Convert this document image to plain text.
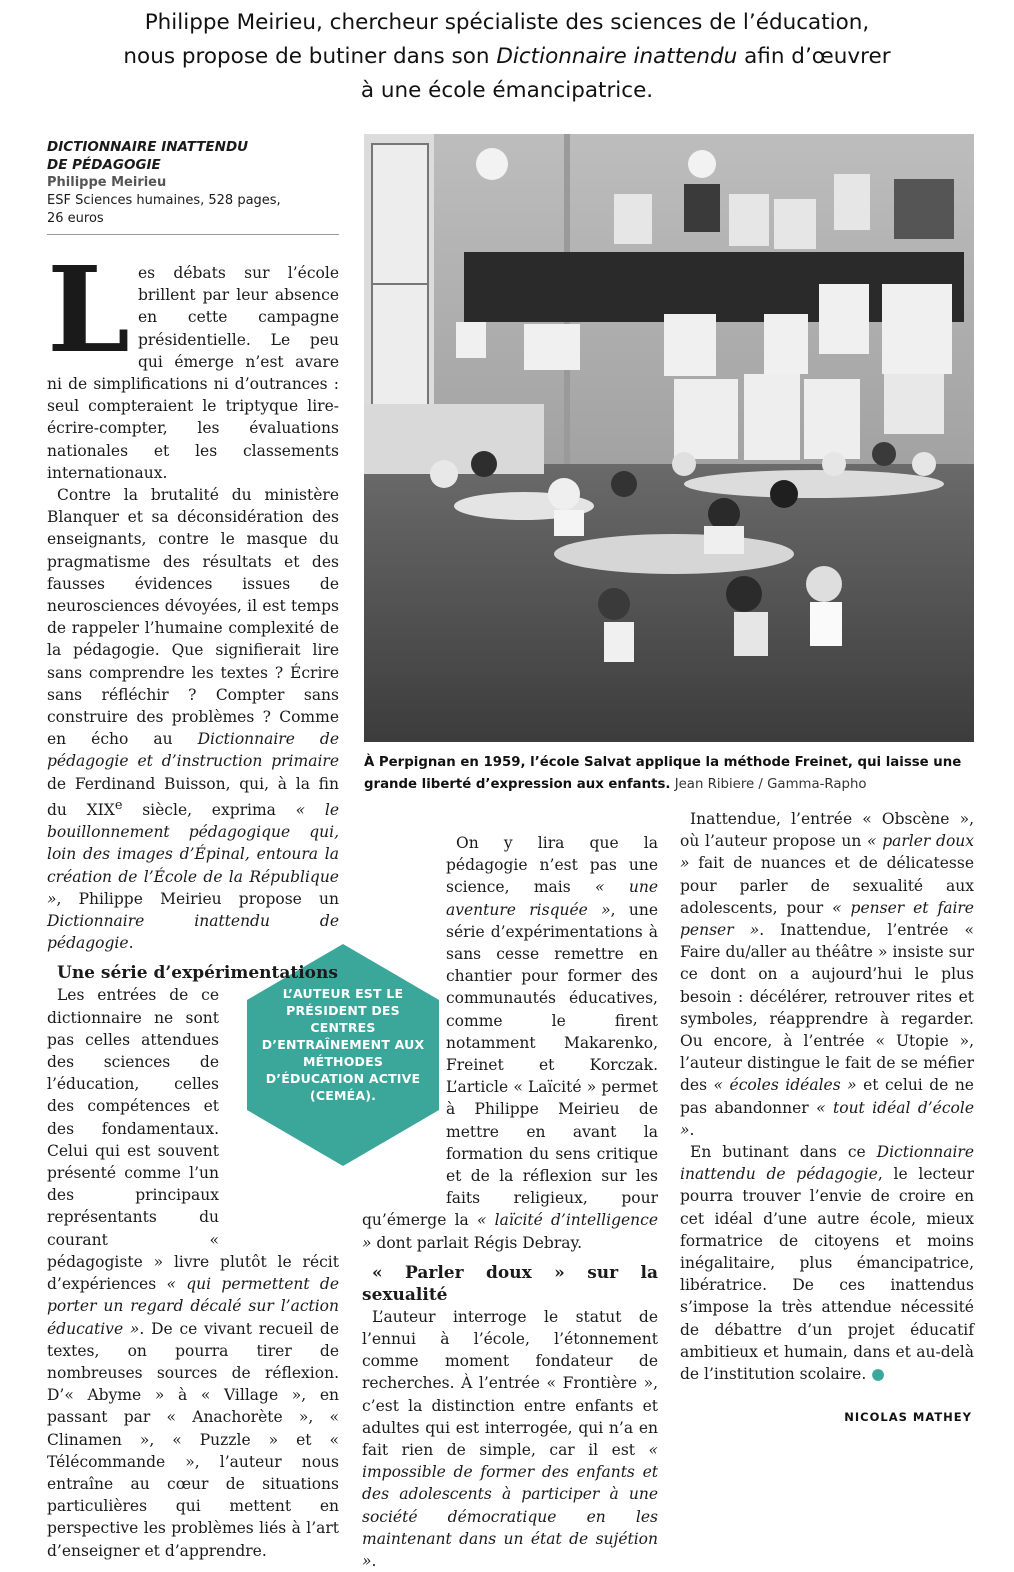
Philippe Meirieu, chercheur spécialiste des sciences de l’éducation,
nous propose de butiner dans son Dictionnaire inattendu afin d’œuvrer
à une école émancipatrice.
DICTIONNAIRE INATTENDU
DE PÉDAGOGIE
Philippe Meirieu
ESF Sciences humaines, 528 pages,
26 euros
À Perpignan en 1959, l’école Salvat applique la méthode Freinet, qui laisse une grande liberté d’expression aux enfants. Jean Ribiere / Gamma-Rapho
L’AUTEUR EST LE PRÉSIDENT DES CENTRES D’ENTRAÎNEMENT AUX MÉTHODES D’ÉDUCATION ACTIVE (CEMÉA).

Les débats sur l’école brillent par leur absence en cette campagne présidentielle. Le peu qui émerge n’est avare ni de simplifications ni d’outrances : seul compteraient le triptyque lire-écrire-compter, les évaluations nationales et les classements internationaux.

Contre la brutalité du ministère Blanquer et sa déconsidération des enseignants, contre le masque du pragmatisme des résultats et des fausses évidences issues de neurosciences dévoyées, il est temps de rappeler l’humaine complexité de la pédagogie. Que signifierait lire sans comprendre les textes ? Écrire sans réfléchir ? Compter sans construire des problèmes ? Comme en écho au Dictionnaire de pédagogie et d’instruction primaire de Ferdinand Buisson, qui, à la fin du XIXe siècle, exprima « le bouillonnement pédagogique qui, loin des images d’Épinal, entoura la création de l’École de la République », Philippe Meirieu propose un Dictionnaire inattendu de pédagogie.

Une série d’expérimentations

Les entrées de ce dictionnaire ne sont pas celles attendues des sciences de l’éducation, celles des compétences et des fondamentaux. Celui qui est souvent présenté comme l’un des principaux représentants du courant « pédagogiste » livre plutôt le récit d’expériences « qui permettent de porter un regard décalé sur l’action éducative ». De ce vivant recueil de textes, on pourra tirer de nombreuses sources de réflexion. D’« Abyme » à « Village », en passant par « Anachorète », « Clinamen », « Puzzle » et « Télécommande », l’auteur nous entraîne au cœur de situations particulières qui mettent en perspective les problèmes liés à l’art d’enseigner et d’apprendre.

On y lira que la pédagogie n’est pas une science, mais « une aventure risquée », une série d’expérimentations à sans cesse remettre en chantier pour former des communautés éducatives, comme le firent notamment Makarenko, Freinet et Korczak. L’article « Laïcité » permet à Philippe Meirieu de mettre en avant la formation du sens critique et de la réflexion sur les faits religieux, pour qu’émerge la « laïcité d’intelligence » dont parlait Régis Debray.

« Parler doux » sur la sexualité

L’auteur interroge le statut de l’ennui à l’école, l’étonnement comme moment fondateur de recherches. À l’entrée « Frontière », c’est la distinction entre enfants et adultes qui est interrogée, qui n’a en fait rien de simple, car il est « impossible de former des enfants et des adolescents à participer à une société démocratique en les maintenant dans un état de sujétion ».

Inattendue, l’entrée « Obscène », où l’auteur propose un « parler doux » fait de nuances et de délicatesse pour parler de sexualité aux adolescents, pour « penser et faire penser ». Inattendue, l’entrée « Faire du/aller au théâtre » insiste sur ce dont on a aujourd’hui le plus besoin : décélérer, retrouver rites et symboles, réapprendre à regarder. Ou encore, à l’entrée « Utopie », l’auteur distingue le fait de se méfier des « écoles idéales » et celui de ne pas abandonner « tout idéal d’école ».

En butinant dans ce Dictionnaire inattendu de pédagogie, le lecteur pourra trouver l’envie de croire en cet idéal d’une autre école, mieux formatrice de citoyens et moins inégalitaire, plus émancipatrice, libératrice. De ces inattendus s’impose la très attendue nécessité de débattre d’un projet éducatif ambitieux et humain, dans et au-delà de l’institution scolaire. ●

NICOLAS MATHEY
